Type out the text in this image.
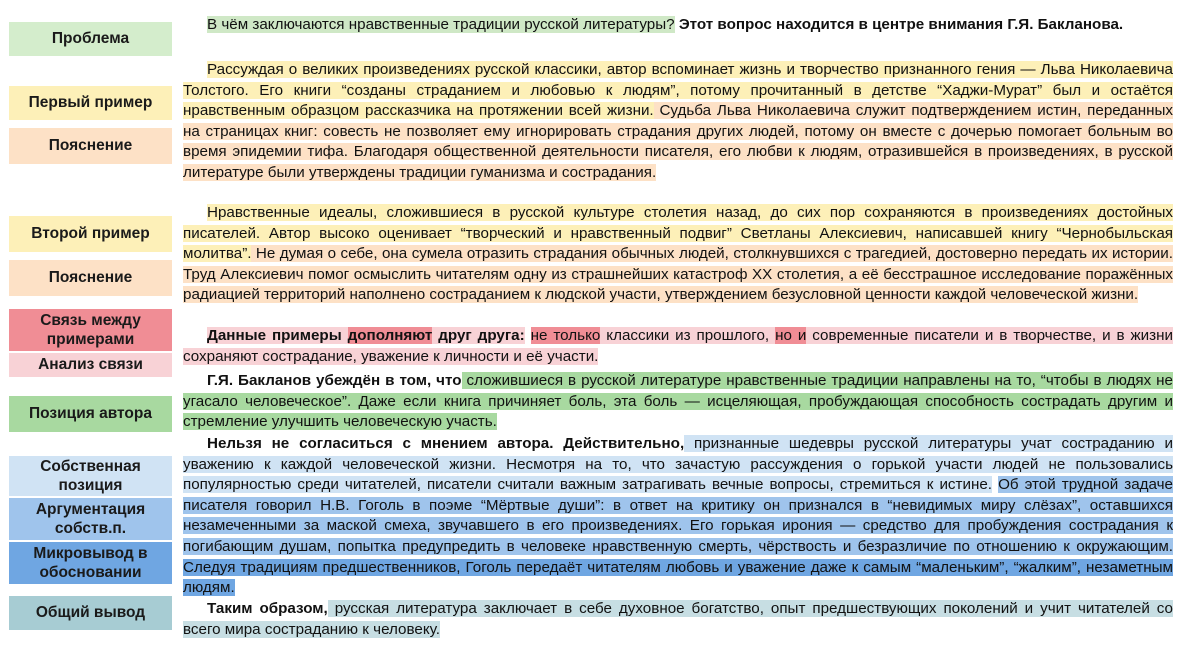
Проблема
Первый пример
Пояснение
Второй пример
Пояснение
Связь между примерами
Анализ связи
Позиция автора
Собственная позиция
Аргументация собств.п.
Микровывод в обосновании
Общий вывод
В чём заключаются нравственные традиции русской литературы? Этот вопрос находится в центре внимания Г.Я. Бакланова.
Рассуждая о великих произведениях русской классики, автор вспоминает жизнь и творчество признанного гения — Льва Николаевича Толстого. Его книги “созданы страданием и любовью к людям”, потому прочитанный в детстве “Хаджи-Мурат” был и остаётся нравственным образцом рассказчика на протяжении всей жизни. Судьба Льва Николаевича служит подтверждением истин, переданных на страницах книг: совесть не позволяет ему игнорировать страдания других людей, потому он вместе с дочерью помогает больным во время эпидемии тифа. Благодаря общественной деятельности писателя, его любви к людям, отразившейся в произведениях, в русской литературе были утверждены традиции гуманизма и сострадания.
Нравственные идеалы, сложившиеся в русской культуре столетия назад, до сих пор сохраняются в произведениях достойных писателей. Автор высоко оценивает “творческий и нравственный подвиг” Светланы Алексиевич, написавшей книгу “Чернобыльская молитва”. Не думая о себе, она сумела отразить страдания обычных людей, столкнувшихся с трагедией, достоверно передать их истории. Труд Алексиевич помог осмыслить читателям одну из страшнейших катастроф XX столетия, а её бесстрашное исследование поражённых радиацией территорий наполнено состраданием к людской участи, утверждением безусловной ценности каждой человеческой жизни.
Данные примеры дополняют друг друга: не только классики из прошлого, но и современные писатели и в творчестве, и в жизни сохраняют сострадание, уважение к личности и её участи.
Г.Я. Бакланов убеждён в том, что сложившиеся в русской литературе нравственные традиции направлены на то, “чтобы в людях не угасало человеческое”. Даже если книга причиняет боль, эта боль — исцеляющая, пробуждающая способность сострадать другим и стремление улучшить человеческую участь.
Нельзя не согласиться с мнением автора. Действительно, признанные шедевры русской литературы учат состраданию и уважению к каждой человеческой жизни. Несмотря на то, что зачастую рассуждения о горькой участи людей не пользовались популярностью среди читателей, писатели считали важным затрагивать вечные вопросы, стремиться к истине. Об этой трудной задаче писателя говорил Н.В. Гоголь в поэме “Мёртвые души”: в ответ на критику он признался в “невидимых миру слёзах”, оставшихся незамеченными за маской смеха, звучавшего в его произведениях. Его горькая ирония — средство для пробуждения сострадания к погибающим душам, попытка предупредить в человеке нравственную смерть, чёрствость и безразличие по отношению к окружающим. Следуя традициям предшественников, Гоголь передаёт читателям любовь и уважение даже к самым “маленьким”, “жалким”, незаметным людям.
Таким образом, русская литература заключает в себе духовное богатство, опыт предшествующих поколений и учит читателей со всего мира состраданию к человеку.
